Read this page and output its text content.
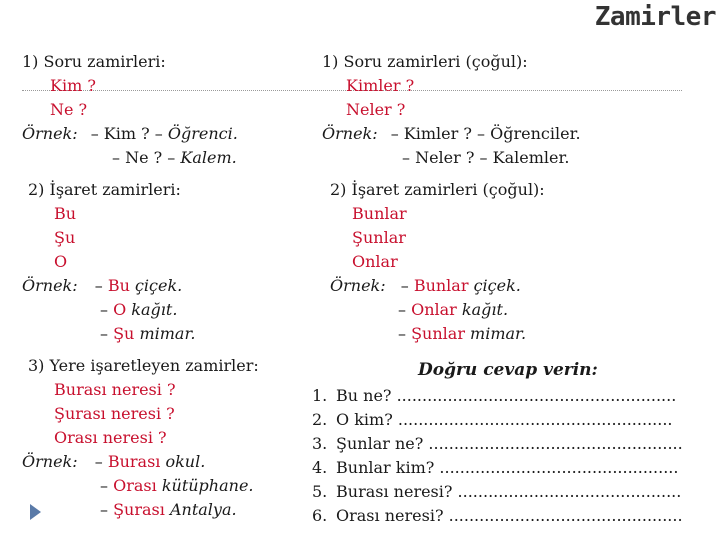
Zamirler
1) Soru zamirleri:
Kim ?
Ne ?
Örnek: – Kim ? – Öğrenci.
– Ne ? – Kalem.
2) İşaret zamirleri:
Bu
Şu
O
Örnek: – Bu çiçek.
– O kağıt.
– Şu mimar.
3) Yere işaretleyen zamirler:
Burası neresi ?
Şurası neresi ?
Orası neresi ?
Örnek: – Burası okul.
– Orası kütüphane.
– Şurası Antalya.
1) Soru zamirleri (çoğul):
Kimler ?
Neler ?
Örnek: – Kimler ? – Öğrenciler.
– Neler ? – Kalemler.
2) İşaret zamirleri (çoğul):
Bunlar
Şunlar
Onlar
Örnek: – Bunlar çiçek.
– Onlar kağıt.
– Şunlar mimar.
Doğru cevap verin:
1. Bu ne? .......................................................
2. O kim? ......................................................
3. Şunlar ne? ..................................................
4. Bunlar kim? ...............................................
5. Burası neresi? ............................................
6. Orası neresi? ..............................................
